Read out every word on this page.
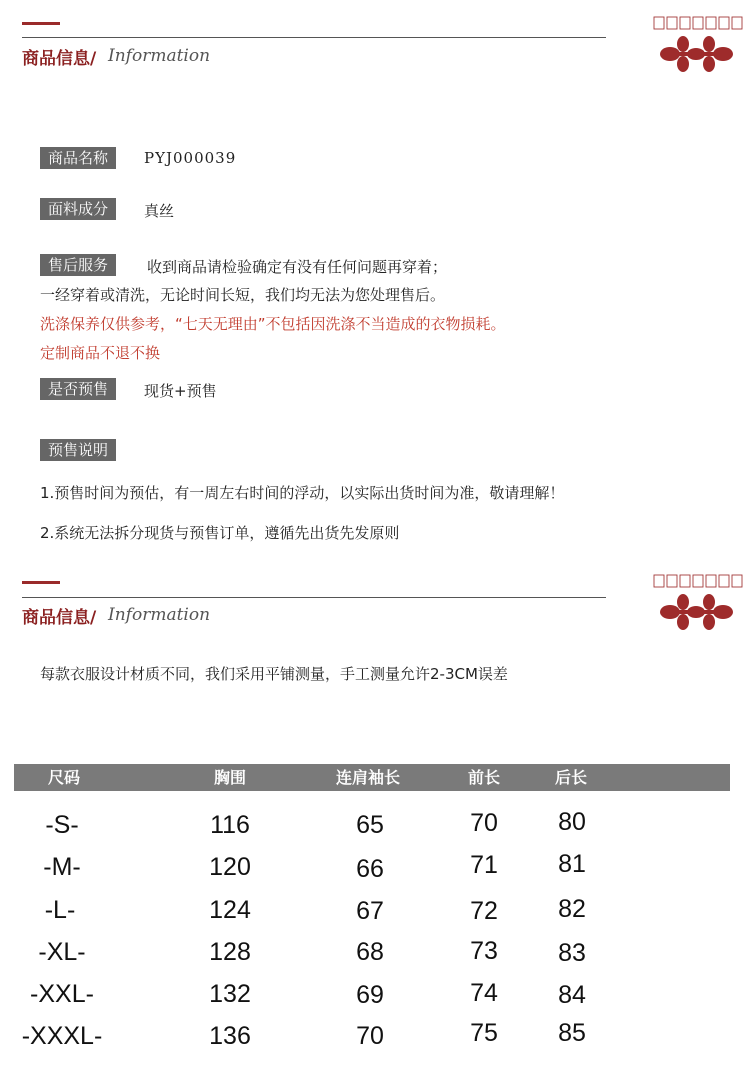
商品信息/ Information
商品名称	PYJ000039
面料成分	真丝
售后服务	收到商品请检验确定有没有任何问题再穿着；
一经穿着或清洗，无论时间长短，我们均无法为您处理售后。
洗涤保养仅供参考，“七天无理由”不包括因洗涤不当造成的衣物损耗。
定制商品不退不换
是否预售	现货+预售
预售说明
1.预售时间为预估，有一周左右时间的浮动，以实际出货时间为准，敬请理解！
2.系统无法拆分现货与预售订单，遵循先出货先发原则
商品信息/ Information
每款衣服设计材质不同，我们采用平铺测量，手工测量允许2-3CM误差
尺码	胸围	连肩袖长	前长	后长
-S-	116	65	70 80
-M-	120	66	71 81
-L-	124	67	72 82
-XL-	128	68	73 83
-XXL-	132	69	74 84
-XXXL-	136	70	75 85
